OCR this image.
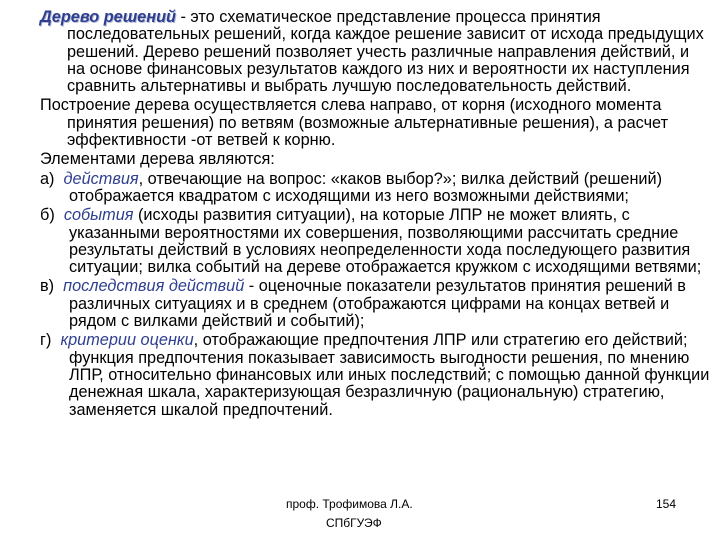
Дерево решений - это схематическое представление процесса принятия последовательных решений, когда каждое решение зависит от исхода предыдущих решений. Дерево решений позволяет учесть различные направления действий, и на основе финансовых результатов каждого из них и вероятности их наступления сравнить альтернативы и выбрать лучшую последовательность действий.

Построение дерева осуществляется слева направо, от корня (исходного момента принятия решения) по ветвям (возможные альтернативные решения), а расчет эффективности -от ветвей к корню.

Элементами дерева являются:

а) действия, отвечающие на вопрос: «каков выбор?»; вилка действий (решений) отображается квадратом с исходящими из него возможными действиями;

б) события (исходы развития ситуации), на которые ЛПР не может влиять, с указанными вероятностями их совершения, позволяющими рассчитать средние результаты действий в условиях неопределенности хода последующего развития ситуации; вилка событий на дереве отображается кружком с исходящими ветвями;

в) последствия действий - оценочные показатели результатов принятия решений в различных ситуациях и в среднем (отображаются цифрами на концах ветвей и рядом с вилками действий и событий);

г) критерии оценки, отображающие предпочтения ЛПР или стратегию его действий; функция предпочтения показывает зависимость выгодности решения, по мнению ЛПР, относительно финансовых или иных последствий; с помощью данной функции денежная шкала, характеризующая безразличную (рациональную) стратегию, заменяется шкалой предпочтений.

проф. Трофимова Л.А.
СПбГУЭФ
154
